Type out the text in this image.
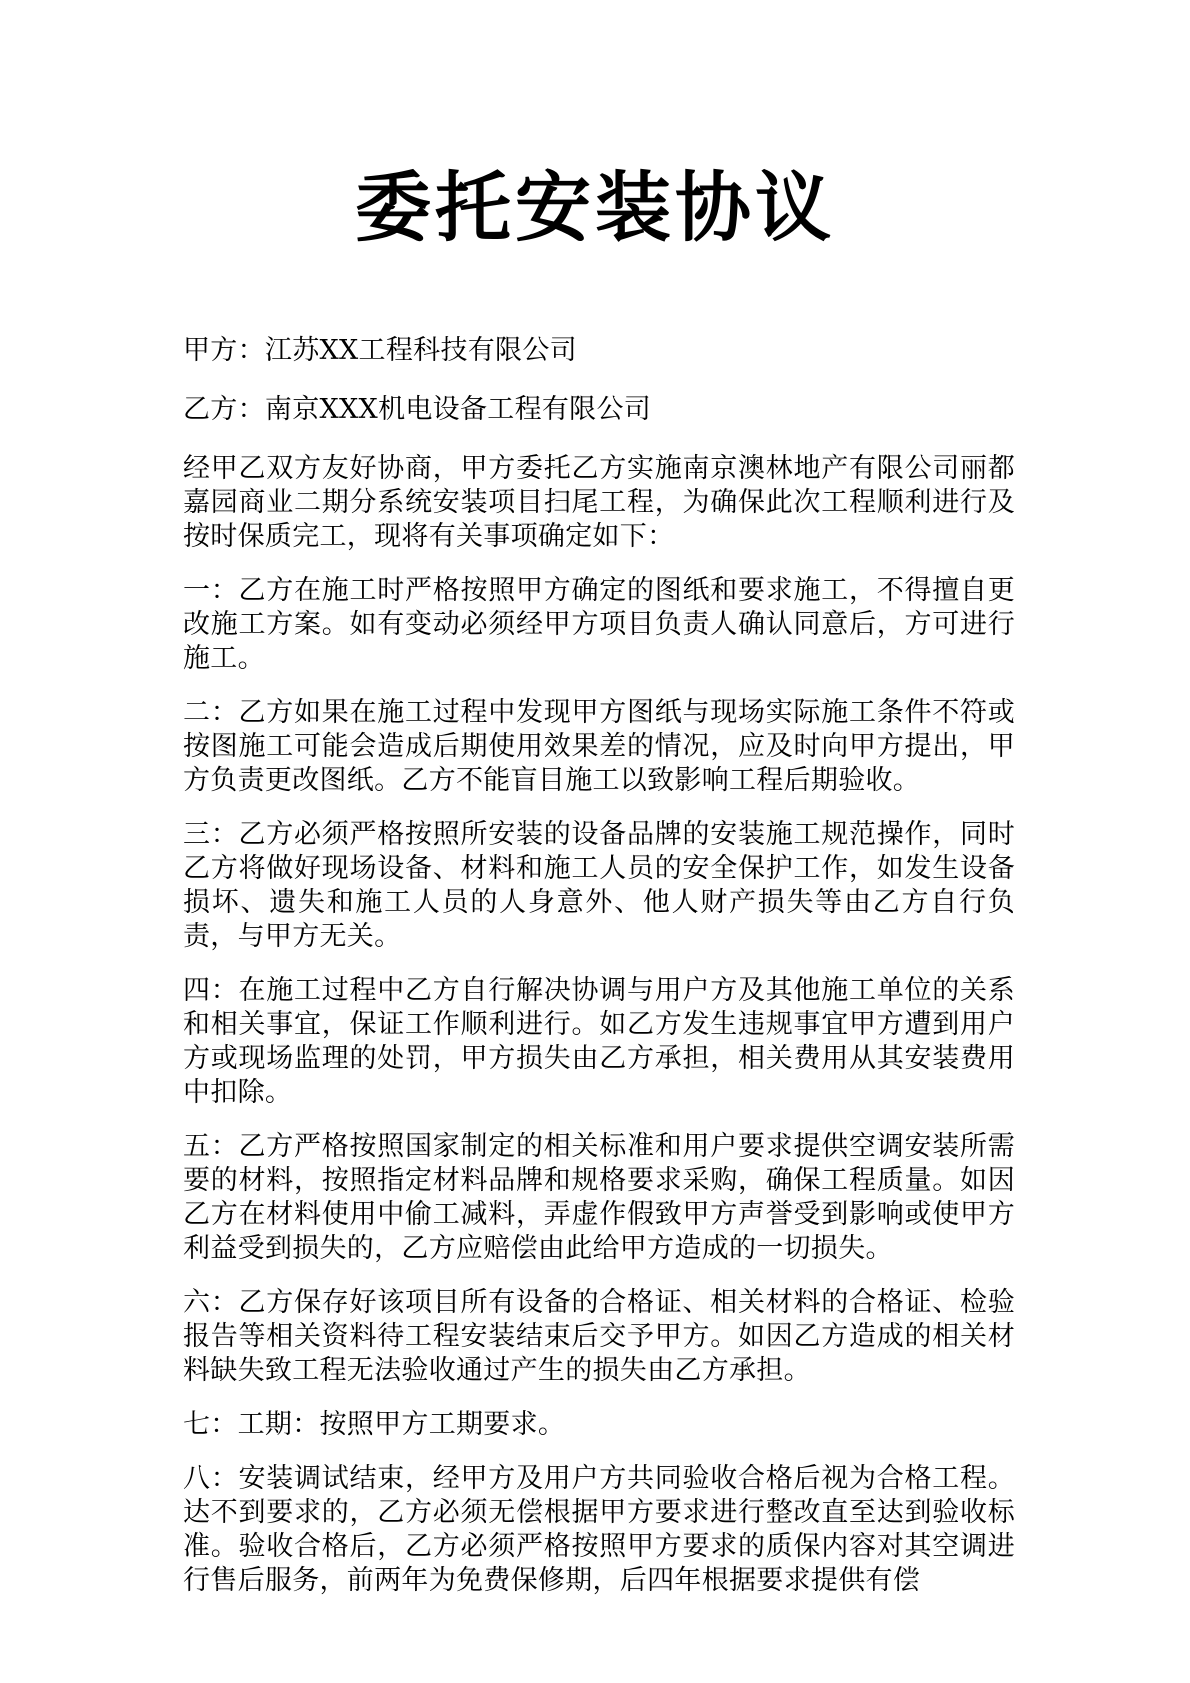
委托安装协议

甲方：江苏XX工程科技有限公司

乙方：南京XXX机电设备工程有限公司

经甲乙双方友好协商，甲方委托乙方实施南京澳林地产有限公司丽都嘉园商业二期分系统安装项目扫尾工程，为确保此次工程顺利进行及按时保质完工，现将有关事项确定如下：

一：乙方在施工时严格按照甲方确定的图纸和要求施工，不得擅自更改施工方案。如有变动必须经甲方项目负责人确认同意后，方可进行施工。

二：乙方如果在施工过程中发现甲方图纸与现场实际施工条件不符或按图施工可能会造成后期使用效果差的情况，应及时向甲方提出，甲方负责更改图纸。乙方不能盲目施工以致影响工程后期验收。

三：乙方必须严格按照所安装的设备品牌的安装施工规范操作，同时乙方将做好现场设备、材料和施工人员的安全保护工作，如发生设备损坏、遗失和施工人员的人身意外、他人财产损失等由乙方自行负责，与甲方无关。

四：在施工过程中乙方自行解决协调与用户方及其他施工单位的关系和相关事宜，保证工作顺利进行。如乙方发生违规事宜甲方遭到用户方或现场监理的处罚，甲方损失由乙方承担，相关费用从其安装费用中扣除。

五：乙方严格按照国家制定的相关标准和用户要求提供空调安装所需要的材料，按照指定材料品牌和规格要求采购，确保工程质量。如因乙方在材料使用中偷工减料，弄虚作假致甲方声誉受到影响或使甲方利益受到损失的，乙方应赔偿由此给甲方造成的一切损失。

六：乙方保存好该项目所有设备的合格证、相关材料的合格证、检验报告等相关资料待工程安装结束后交予甲方。如因乙方造成的相关材料缺失致工程无法验收通过产生的损失由乙方承担。

七：工期：按照甲方工期要求。

八：安装调试结束，经甲方及用户方共同验收合格后视为合格工程。达不到要求的，乙方必须无偿根据甲方要求进行整改直至达到验收标准。验收合格后，乙方必须严格按照甲方要求的质保内容对其空调进行售后服务，前两年为免费保修期，后四年根据要求提供有偿
